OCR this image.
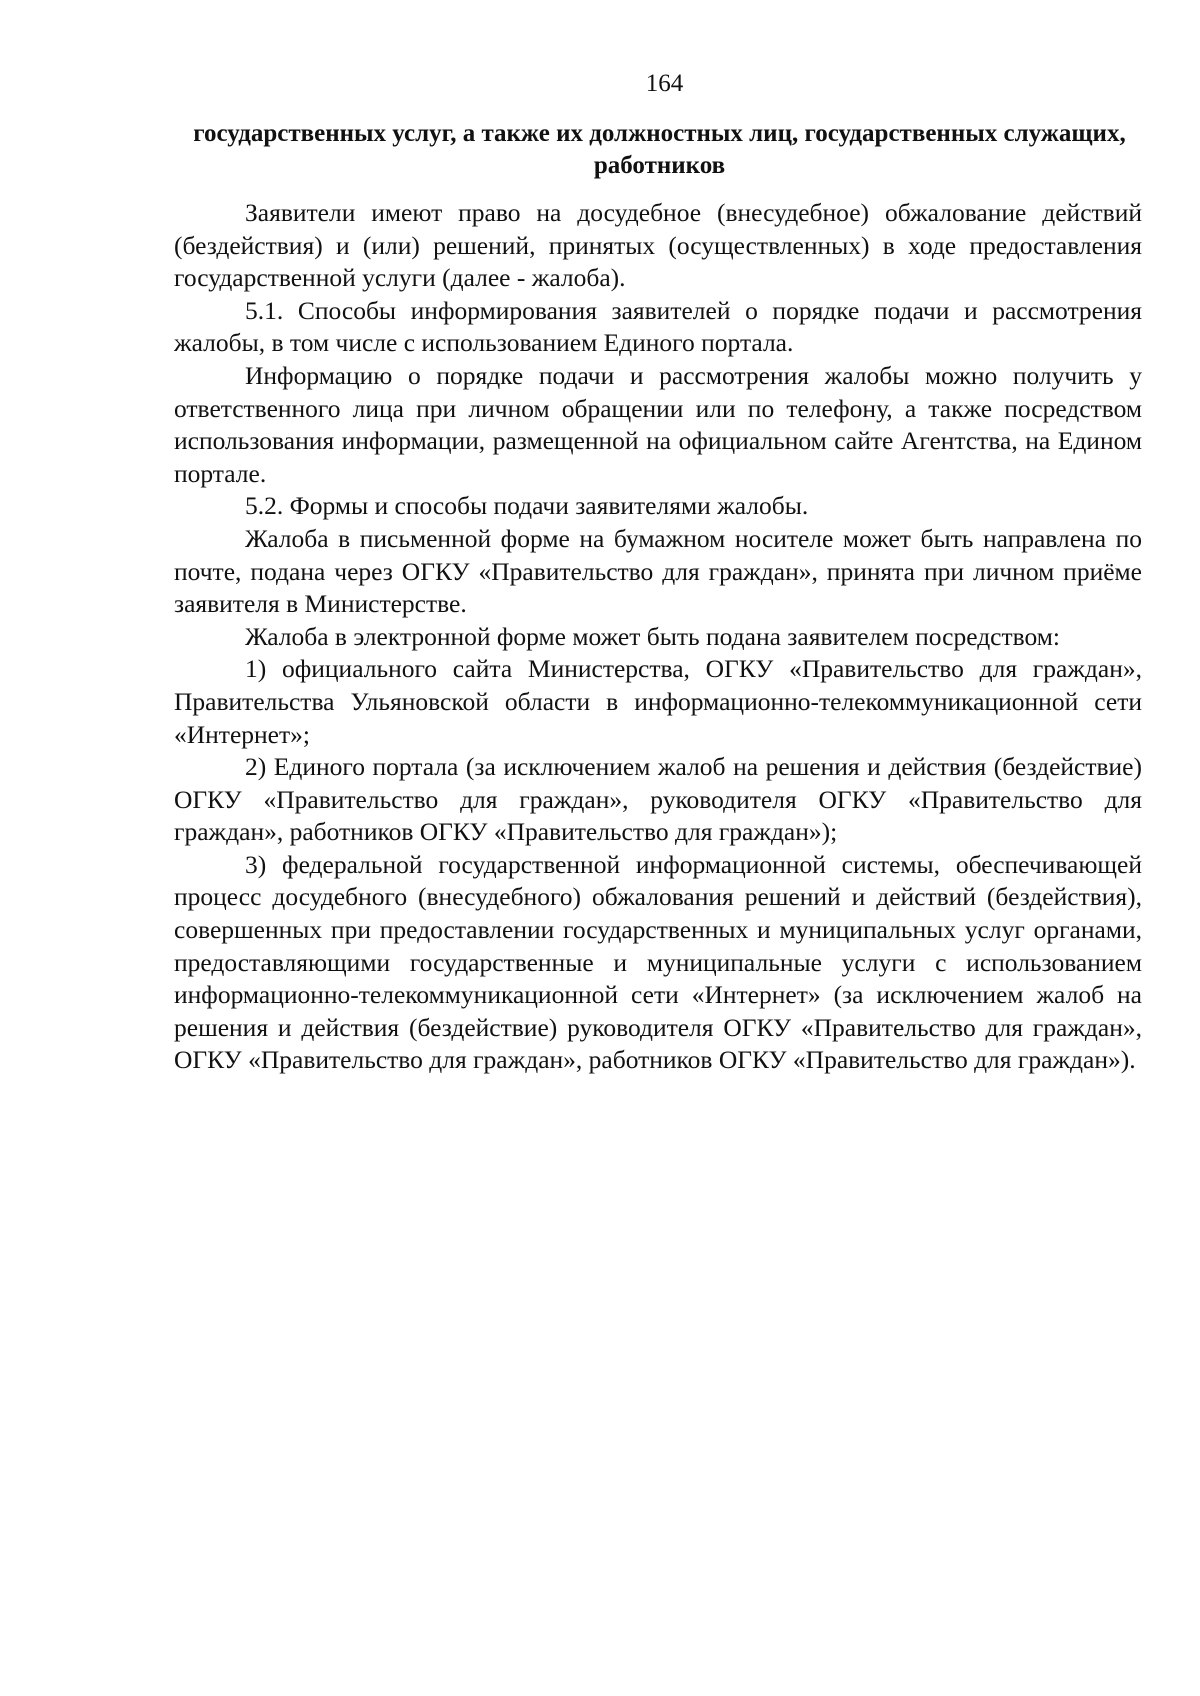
164
государственных услуг, а также их должностных лиц, государственных служащих, работников

Заявители имеют право на досудебное (внесудебное) обжалование действий (бездействия) и (или) решений, принятых (осуществленных) в ходе предоставления государственной услуги (далее - жалоба).

5.1. Способы информирования заявителей о порядке подачи и рассмотрения жалобы, в том числе с использованием Единого портала.

Информацию о порядке подачи и рассмотрения жалобы можно получить у ответственного лица при личном обращении или по телефону, а также посредством использования информации, размещенной на официальном сайте Агентства, на Едином портале.

5.2. Формы и способы подачи заявителями жалобы.

Жалоба в письменной форме на бумажном носителе может быть направлена по почте, подана через ОГКУ «Правительство для граждан», принята при личном приёме заявителя в Министерстве.

Жалоба в электронной форме может быть подана заявителем посредством:

1) официального сайта Министерства, ОГКУ «Правительство для граждан», Правительства Ульяновской области в информационно-телекоммуникационной сети «Интернет»;

2) Единого портала (за исключением жалоб на решения и действия (бездействие) ОГКУ «Правительство для граждан», руководителя ОГКУ «Правительство для граждан», работников ОГКУ «Правительство для граждан»);

3) федеральной государственной информационной системы, обеспечивающей процесс досудебного (внесудебного) обжалования решений и действий (бездействия), совершенных при предоставлении государственных и муниципальных услуг органами, предоставляющими государственные и муниципальные услуги с использованием информационно-телекоммуникационной сети «Интернет» (за исключением жалоб на решения и действия (бездействие) руководителя ОГКУ «Правительство для граждан», ОГКУ «Правительство для граждан», работников ОГКУ «Правительство для граждан»).
